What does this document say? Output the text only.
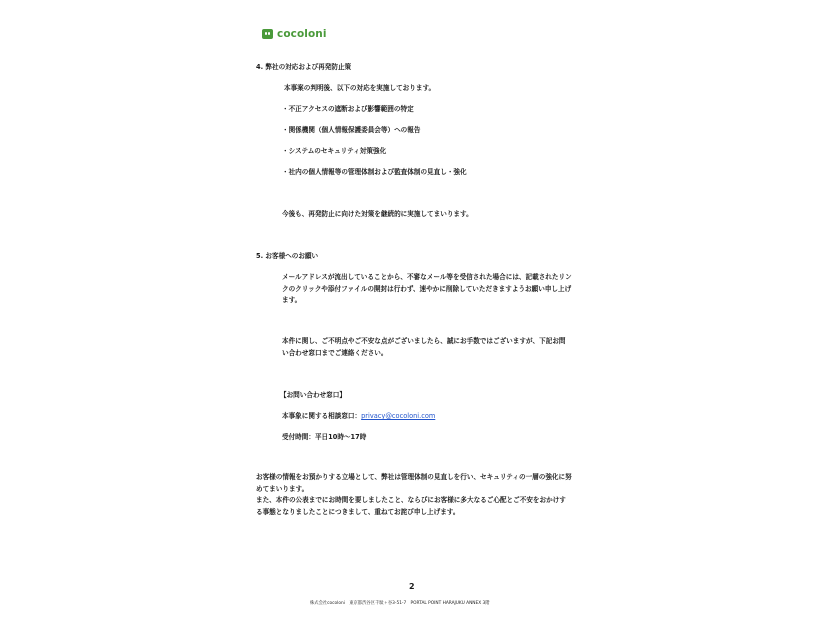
cocoloni
4. 弊社の対応および再発防止策
本事案の判明後、以下の対応を実施しております。
・不正アクセスの遮断および影響範囲の特定
・関係機関（個人情報保護委員会等）への報告
・システムのセキュリティ対策強化
・社内の個人情報等の管理体制および監査体制の見直し・強化
今後も、再発防止に向けた対策を継続的に実施してまいります。
5. お客様へのお願い
メールアドレスが流出していることから、不審なメール等を受信された場合には、記載されたリンクのクリックや添付ファイルの開封は行わず、速やかに削除していただきますようお願い申し上げます。
本件に関し、ご不明点やご不安な点がございましたら、誠にお手数ではございますが、下記お問い合わせ窓口までご連絡ください。
【お問い合わせ窓口】
本事象に関する相談窓口：privacy@cocoloni.com
受付時間：平日10時〜17時
お客様の情報をお預かりする立場として、弊社は管理体制の見直しを行い、セキュリティの一層の強化に努めてまいります。
また、本件の公表までにお時間を要しましたこと、ならびにお客様に多大なるご心配とご不安をおかけする事態となりましたことにつきまして、重ねてお詫び申し上げます。
2
株式会社cocoloni　東京都渋谷区千駄ヶ谷3-51-7　PORTAL POINT HARAJUKU ANNEX 3階
